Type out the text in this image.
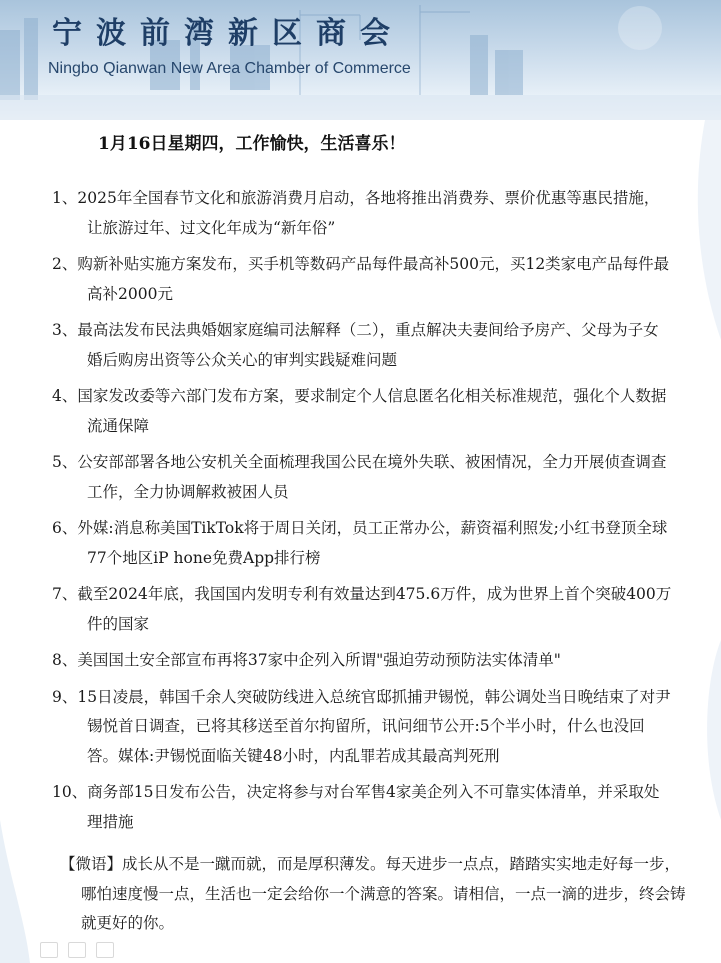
宁波前湾新区商会
Ningbo Qianwan New Area Chamber of Commerce
1月16日星期四，工作愉快，生活喜乐！
1、2025年全国春节文化和旅游消费月启动，各地将推出消费券、票价优惠等惠民措施，让旅游过年、过文化年成为“新年俗”
2、购新补贴实施方案发布，买手机等数码产品每件最高补500元，买12类家电产品每件最高补2000元
3、最高法发布民法典婚姻家庭编司法解释（二），重点解决夫妻间给予房产、父母为子女婚后购房出资等公众关心的审判实践疑难问题
4、国家发改委等六部门发布方案，要求制定个人信息匿名化相关标准规范，强化个人数据流通保障
5、公安部部署各地公安机关全面梳理我国公民在境外失联、被困情况，全力开展侦查调查工作，全力协调解救被困人员
6、外媒:消息称美国TikTok将于周日关闭，员工正常办公，薪资福利照发;小红书登顶全球77个地区iP hone免费App排行榜
7、截至2024年底，我国国内发明专利有效量达到475.6万件，成为世界上首个突破400万件的国家
8、美国国土安全部宣布再将37家中企列入所谓"强迫劳动预防法实体清单"
9、15日凌晨，韩国千余人突破防线进入总统官邸抓捕尹锡悦，韩公调处当日晚结束了对尹锡悦首日调查，已将其移送至首尔拘留所，讯问细节公开:5个半小时，什么也没回答。媒体:尹锡悦面临关键48小时，内乱罪若成其最高判死刑
10、商务部15日发布公告，决定将参与对台军售4家美企列入不可靠实体清单，并采取处理措施
【微语】成长从不是一蹴而就，而是厚积薄发。每天进步一点点，踏踏实实地走好每一步，哪怕速度慢一点，生活也一定会给你一个满意的答案。请相信，一点一滴的进步，终会铸就更好的你。
